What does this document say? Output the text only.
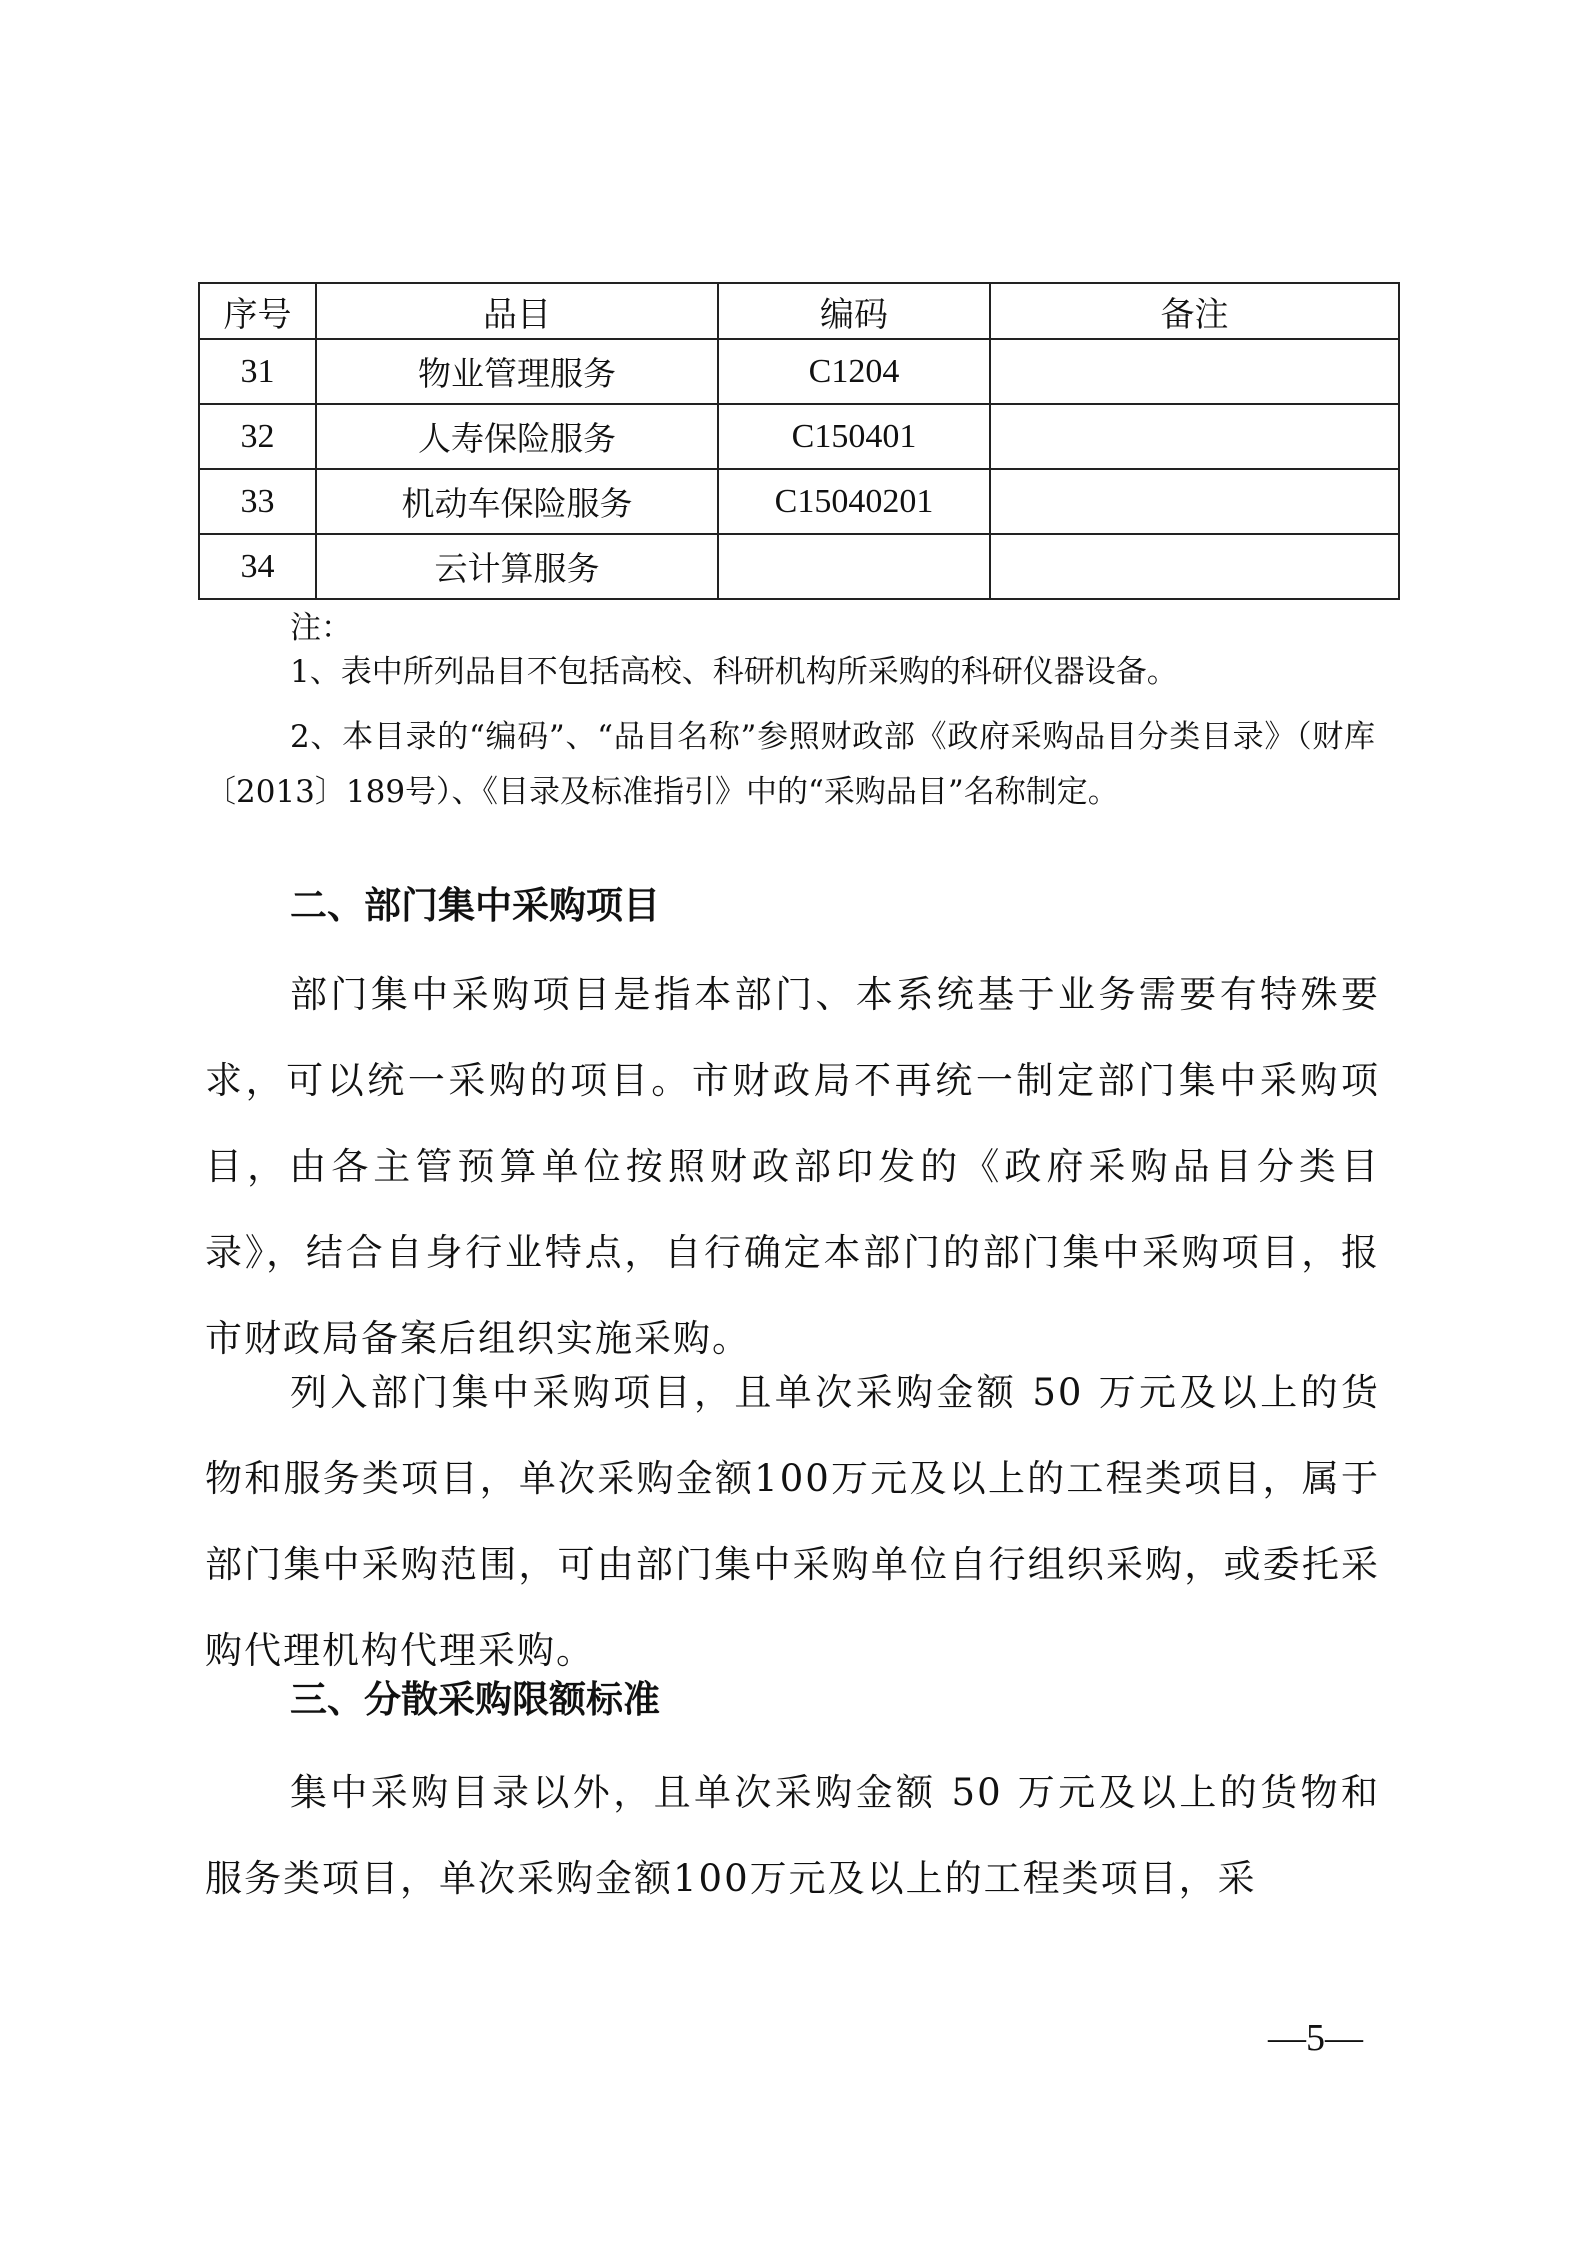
序号	品目	编码	备注
31	物业管理服务	C1204	
32	人寿保险服务	C150401	
33	机动车保险服务	C15040201	
34	云计算服务		
注：
1、表中所列品目不包括高校、科研机构所采购的科研仪器设备。
2、本目录的“编码”、“品目名称”参照财政部《政府采购品目分类目录》（财库〔2013〕189号）、《目录及标准指引》中的“采购品目”名称制定。
二、部门集中采购项目
部门集中采购项目是指本部门、本系统基于业务需要有特殊要求，可以统一采购的项目。市财政局不再统一制定部门集中采购项目，由各主管预算单位按照财政部印发的《政府采购品目分类目录》，结合自身行业特点，自行确定本部门的部门集中采购项目，报市财政局备案后组织实施采购。
列入部门集中采购项目，且单次采购金额 50 万元及以上的货物和服务类项目，单次采购金额100万元及以上的工程类项目，属于部门集中采购范围，可由部门集中采购单位自行组织采购，或委托采购代理机构代理采购。
三、分散采购限额标准
集中采购目录以外，且单次采购金额 50 万元及以上的货物和服务类项目，单次采购金额100万元及以上的工程类项目，采
—5—
